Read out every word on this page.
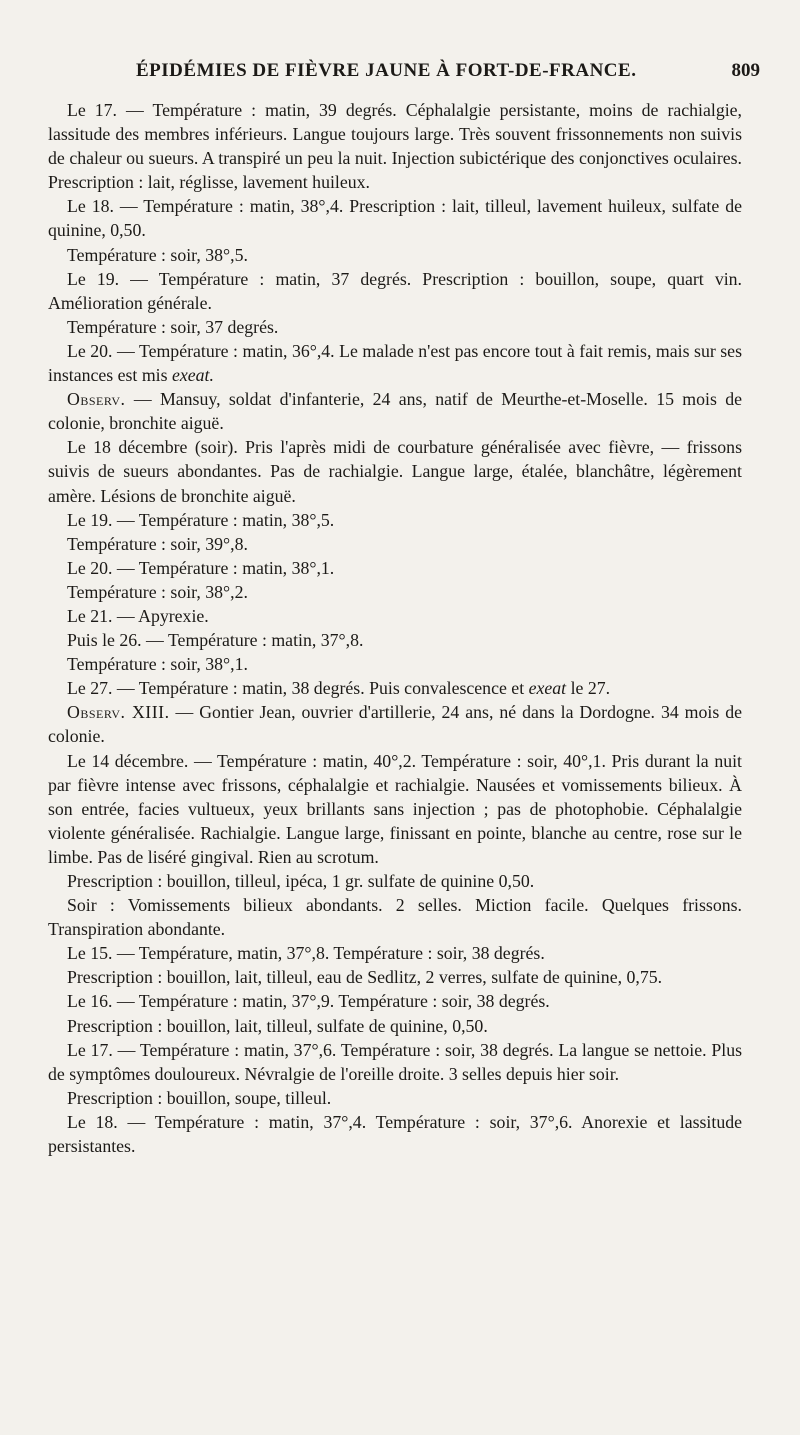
ÉPIDÉMIES DE FIÈVRE JAUNE À FORT-DE-FRANCE.	809

Le 17. — Température : matin, 39 degrés. Céphalalgie persistante, moins de rachialgie, lassitude des membres inférieurs. Langue toujours large. Très souvent frissonnements non suivis de chaleur ou sueurs. A transpiré un peu la nuit. Injection subictérique des conjonctives oculaires. Prescription : lait, réglisse, lavement huileux.

Le 18. — Température : matin, 38°,4. Prescription : lait, tilleul, lavement huileux, sulfate de quinine, 0,50.

Température : soir, 38°,5.

Le 19. — Température : matin, 37 degrés. Prescription : bouillon, soupe, quart vin. Amélioration générale.

Température : soir, 37 degrés.

Le 20. — Température : matin, 36°,4. Le malade n'est pas encore tout à fait remis, mais sur ses instances est mis exeat.

Observ. — Mansuy, soldat d'infanterie, 24 ans, natif de Meurthe-et-Moselle. 15 mois de colonie, bronchite aiguë.

Le 18 décembre (soir). Pris l'après midi de courbature généralisée avec fièvre, — frissons suivis de sueurs abondantes. Pas de rachialgie. Langue large, étalée, blanchâtre, légèrement amère. Lésions de bronchite aiguë.

Le 19. — Température : matin, 38°,5.

Température : soir, 39°,8.

Le 20. — Température : matin, 38°,1.

Température : soir, 38°,2.

Le 21. — Apyrexie.

Puis le 26. — Température : matin, 37°,8.

Température : soir, 38°,1.

Le 27. — Température : matin, 38 degrés. Puis convalescence et exeat le 27.

Observ. XIII. — Gontier Jean, ouvrier d'artillerie, 24 ans, né dans la Dordogne. 34 mois de colonie.

Le 14 décembre. — Température : matin, 40°,2. Température : soir, 40°,1. Pris durant la nuit par fièvre intense avec frissons, céphalalgie et rachialgie. Nausées et vomissements bilieux. À son entrée, facies vultueux, yeux brillants sans injection ; pas de photophobie. Céphalalgie violente généralisée. Rachialgie. Langue large, finissant en pointe, blanche au centre, rose sur le limbe. Pas de liséré gingival. Rien au scrotum.

Prescription : bouillon, tilleul, ipéca, 1 gr. sulfate de quinine 0,50.

Soir : Vomissements bilieux abondants. 2 selles. Miction facile. Quelques frissons. Transpiration abondante.

Le 15. — Température, matin, 37°,8. Température : soir, 38 degrés.

Prescription : bouillon, lait, tilleul, eau de Sedlitz, 2 verres, sulfate de quinine, 0,75.

Le 16. — Température : matin, 37°,9. Température : soir, 38 degrés.

Prescription : bouillon, lait, tilleul, sulfate de quinine, 0,50.

Le 17. — Température : matin, 37°,6. Température : soir, 38 degrés. La langue se nettoie. Plus de symptômes douloureux. Névralgie de l'oreille droite. 3 selles depuis hier soir.

Prescription : bouillon, soupe, tilleul.

Le 18. — Température : matin, 37°,4. Température : soir, 37°,6. Anorexie et lassitude persistantes.
